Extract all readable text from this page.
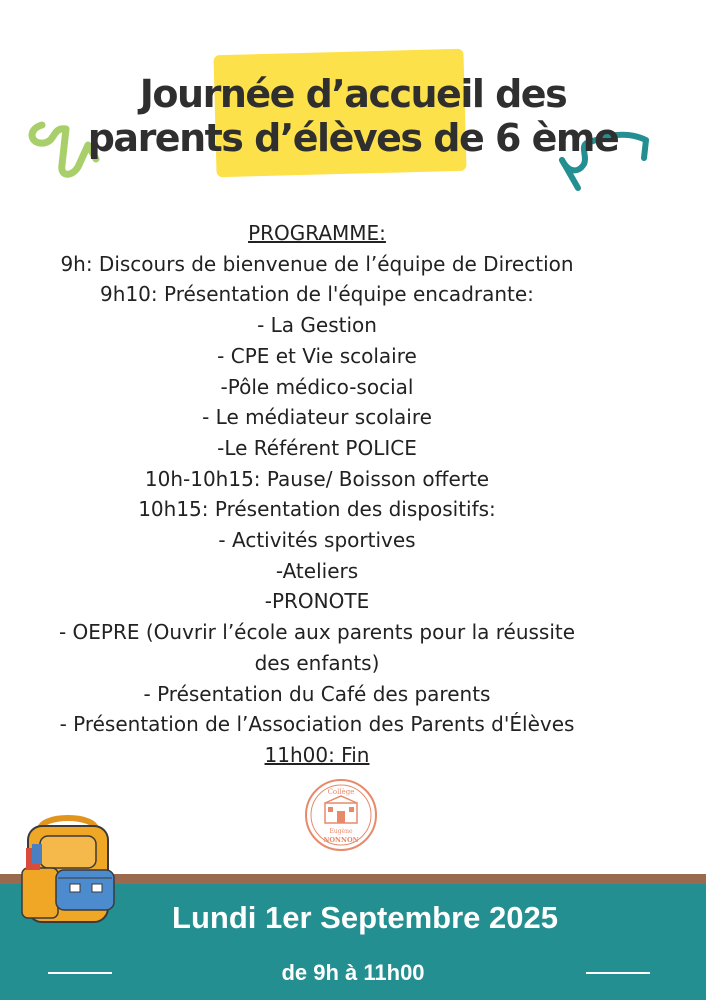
Journée d’accueil des
parents d’élèves de 6 ème
PROGRAMME:
9h: Discours de bienvenue de l’équipe de Direction
9h10: Présentation de l'équipe encadrante:
- La Gestion
- CPE et Vie scolaire
-Pôle médico-social
- Le médiateur scolaire
-Le Référent POLICE
10h-10h15: Pause/ Boisson offerte
10h15: Présentation des dispositifs:
- Activités sportives
-Ateliers
-PRONOTE
- OEPRE (Ouvrir l’école aux parents pour la réussite
des enfants)
- Présentation du Café des parents
- Présentation de l’Association des Parents d'Élèves
11h00: Fin
Collège
Eugène
NONNON
Lundi 1er Septembre 2025
de 9h à 11h00
